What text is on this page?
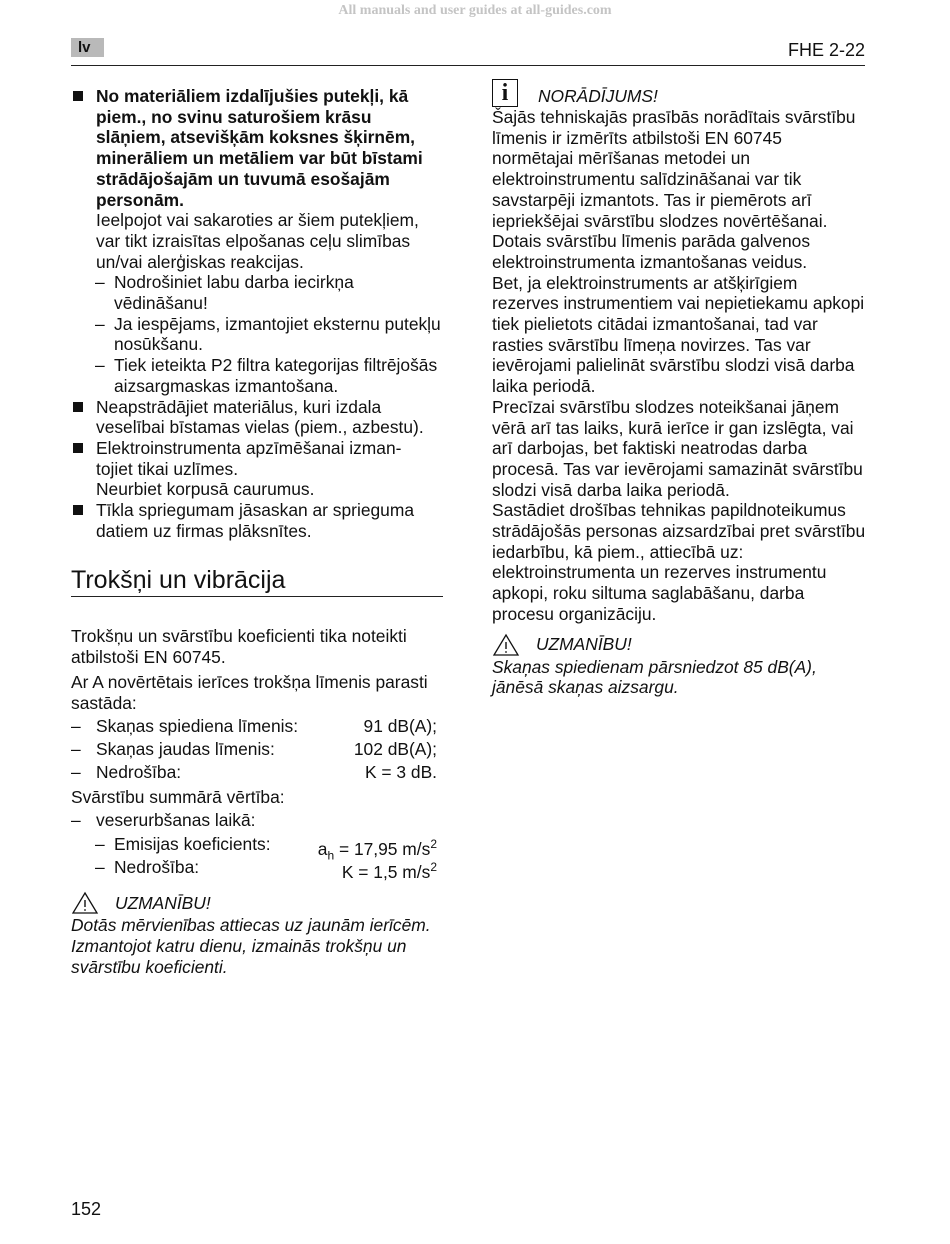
All manuals and user guides at all-guides.com
lv	FHE 2-22

No materiāliem izdalījušies putekļi, kā piem., no svinu saturošiem krāsu slāņiem, atsevišķām koksnes šķirnēm, minerāliem un metāliem var būt bīstami strādājošajām un tuvumā esošajām personām.

Ieelpojot vai sakaroties ar šiem putekļiem, var tikt izraisītas elpošanas ceļu slimības un/vai alerģiskas reakcijas.

– Nodrošiniet labu darba iecirkņa vēdināšanu!

– Ja iespējams, izmantojiet eksternu putekļu nosūkšanu.

– Tiek ieteikta P2 filtra kategorijas filtrējošās aizsargmaskas izmantošana.

Neapstrādājiet materiālus, kuri izdala veselībai bīstamas vielas (piem., azbestu).

Elektroinstrumenta apzīmēšanai izman-
tojiet tikai uzlīmes.

Neurbiet korpusā caurumus.

Tīkla spriegumam jāsaskan ar sprieguma datiem uz firmas plāksnītes.

Trokšņi un vibrācija

Trokšņu un svārstību koeficienti tika noteikti atbilstoši EN 60745.

Ar A novērtētais ierīces trokšņa līmenis parasti sastāda:

– Skaņas spiediena līmenis:	91 dB(A);
– Skaņas jaudas līmenis:	102 dB(A);
– Nedrošība:	K = 3 dB.

Svārstību summārā vērtība:

– veserurbšanas laikā:

– Emisijas koeficients:	$a_h = 17,95$ $m/s^2$
– Nedrošība:	K = 1,5 $m/s^2$
UZMANĪBU!

Dotās mērvienības attiecas uz jaunām ierīcēm. Izmantojot katru dienu, izmainās trokšņu un svārstību koeficienti.

i	NORĀDĪJUMS!

Šajās tehniskajās prasībās norādītais svārstību līmenis ir izmērīts atbilstoši EN 60745 normētajai mērīšanas metodei un elektroinstrumentu salīdzināšanai var tik savstarpēji izmantots. Tas ir piemērots arī iepriekšējai svārstību slodzes novērtēšanai.

Dotais svārstību līmenis parāda galvenos elektroinstrumenta izmantošanas veidus.

Bet, ja elektroinstruments ar atšķirīgiem rezerves instrumentiem vai nepietiekamu apkopi tiek pielietots citādai izmantošanai, tad var rasties svārstību līmeņa novirzes. Tas var ievērojami palielināt svārstību slodzi visā darba laika periodā.

Precīzai svārstību slodzes noteikšanai jāņem vērā arī tas laiks, kurā ierīce ir gan izslēgta, vai arī darbojas, bet faktiski neatrodas darba procesā. Tas var ievērojami samazināt svārstību slodzi visā darba laika periodā.

Sastādiet drošības tehnikas papildnoteikumus strādājošās personas aizsardzībai pret svārstību iedarbību, kā piem., attiecībā uz: elektroinstrumenta un rezerves instrumentu apkopi, roku siltuma saglabāšanu, darba procesu organizāciju.

UZMANĪBU!

Skaņas spiedienam pārsniedzot 85 dB(A), jānēsā skaņas aizsargu.

152
